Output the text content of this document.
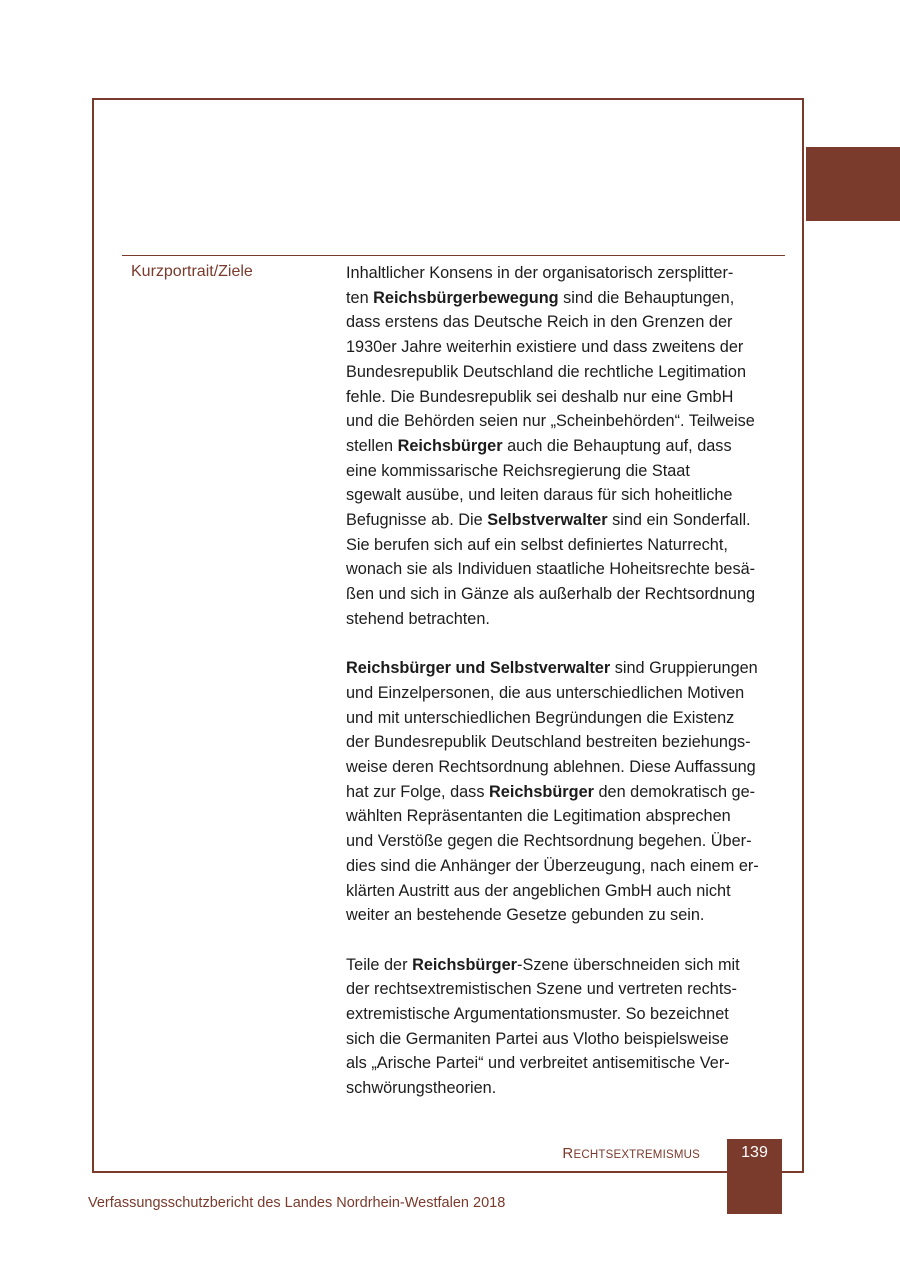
Kurzportrait/Ziele	Inhaltlicher Konsens in der organisatorisch zersplitter-
ten Reichsbürgerbewegung sind die Behauptungen,
dass erstens das Deutsche Reich in den Grenzen der
1930er Jahre weiterhin existiere und dass zweitens der
Bundesrepublik Deutschland die rechtliche Legitimation
fehle. Die Bundesrepublik sei deshalb nur eine GmbH
und die Behörden seien nur „Scheinbehörden“. Teilweise
stellen Reichsbürger auch die Behauptung auf, dass
eine kommissarische Reichsregierung die Staat
sgewalt ausübe, und leiten daraus für sich hoheitliche
Befugnisse ab. Die Selbstverwalter sind ein Sonderfall.
Sie berufen sich auf ein selbst definiertes Naturrecht,
wonach sie als Individuen staatliche Hoheitsrechte besä-
ßen und sich in Gänze als außerhalb der Rechtsordnung
stehend betrachten.
Reichsbürger und Selbstverwalter sind Gruppierungen
und Einzelpersonen, die aus unterschiedlichen Motiven
und mit unterschiedlichen Begründungen die Existenz
der Bundesrepublik Deutschland bestreiten beziehungs-
weise deren Rechtsordnung ablehnen. Diese Auffassung
hat zur Folge, dass Reichsbürger den demokratisch ge-
wählten Repräsentanten die Legitimation absprechen
und Verstöße gegen die Rechtsordnung begehen. Über-
dies sind die Anhänger der Überzeugung, nach einem er-
klärten Austritt aus der angeblichen GmbH auch nicht
weiter an bestehende Gesetze gebunden zu sein.
Teile der Reichsbürger-Szene überschneiden sich mit
der rechtsextremistischen Szene und vertreten rechts-
extremistische Argumentationsmuster. So bezeichnet
sich die Germaniten Partei aus Vlotho beispielsweise
als „Arische Partei“ und verbreitet antisemitische Ver-
schwörungstheorien.
RECHTSEXTREMISMUS	139
Verfassungsschutzbericht des Landes Nordrhein-Westfalen 2018
